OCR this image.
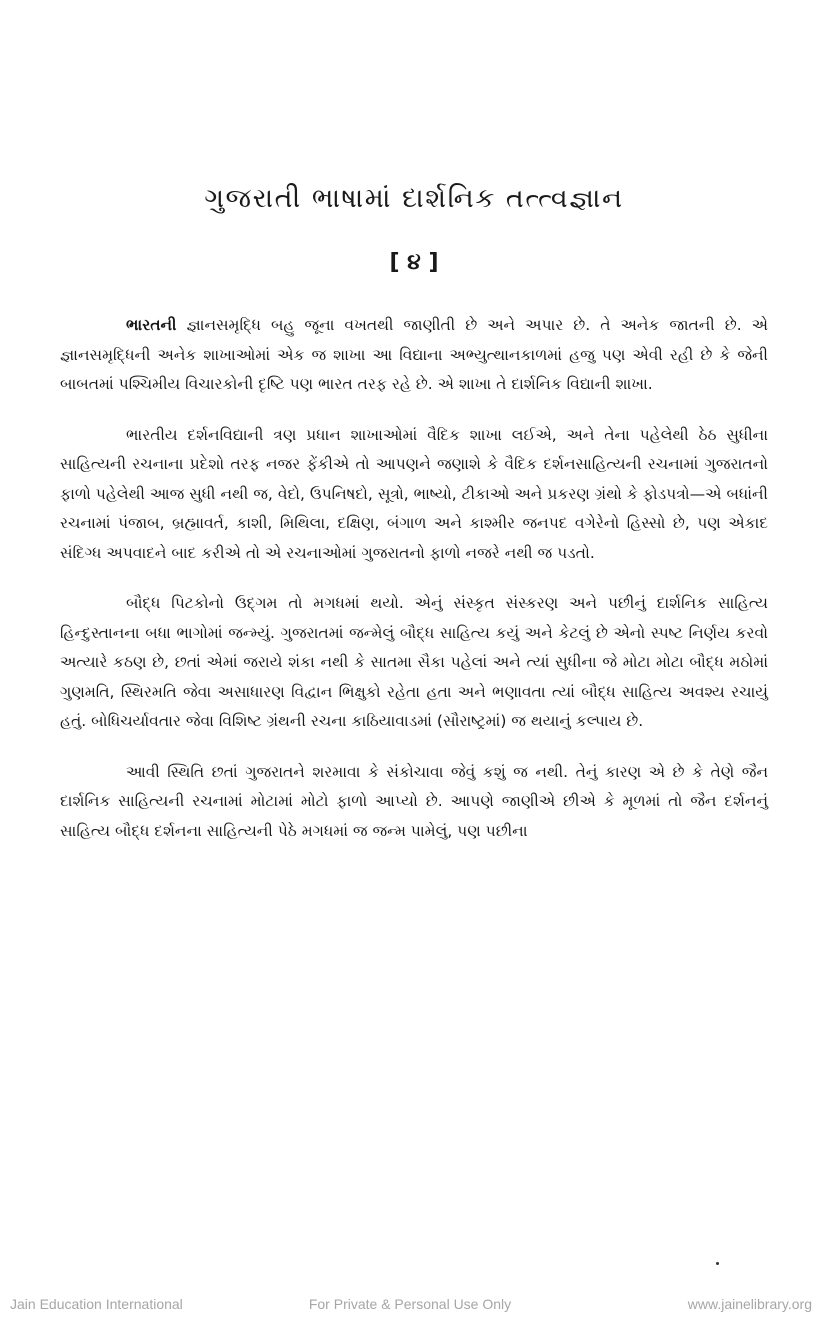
ગુજરાતી ભાષામાં દાર્શનિક તત્ત્વજ્ઞાન
[ ૪ ]

ભારતની જ્ઞાનસમૃદ્ધિ બહુ જૂના વખતથી જાણીતી છે અને અપાર છે. તે અનેક જાતની છે. એ જ્ઞાનસમૃદ્ધિની અનેક શાખાઓમાં એક જ શાખા આ વિદ્યાના અભ્યુત્થાનકાળમાં હજુ પણ એવી રહી છે કે જેની બાબતમાં પશ્ચિમીય વિચારકોની દૃષ્ટિ પણ ભારત તરફ રહે છે. એ શાખા તે દાર્શનિક વિદ્યાની શાખા.

ભારતીય દર્શનવિદ્યાની ત્રણ પ્રધાન શાખાઓમાં વૈદિક શાખા લઈએ, અને તેના પહેલેથી ઠેઠ સુધીના સાહિત્યની રચનાના પ્રદેશો તરફ નજર ફેંકીએ તો આપણને જણાશે કે વૈદિક દર્શનસાહિત્યની રચનામાં ગુજરાતનો ફાળો પહેલેથી આજ સુધી નથી જ, વેદો, ઉપનિષદો, સૂત્રો, ભાષ્યો, ટીકાઓ અને પ્રકરણ ગ્રંથો કે ફોડપત્રો—એ બધાંની રચનામાં પંજાબ, બ્રહ્માવર્ત, કાશી, મિથિલા, દક્ષિણ, બંગાળ અને કાશ્મીર જનપદ વગેરેનો હિસ્સો છે, પણ એકાદ સંદિગ્ધ અપવાદને બાદ કરીએ તો એ રચનાઓમાં ગુજરાતનો ફાળો નજરે નથી જ પડતો.

બૌદ્ધ પિટકોનો ઉદ્ગમ તો મગધમાં થયો. એનું સંસ્કૃત સંસ્કરણ અને પછીનું દાર્શનિક સાહિત્ય હિન્દુસ્તાનના બધા ભાગોમાં જન્મ્યું. ગુજરાતમાં જન્મેલું બૌદ્ધ સાહિત્ય કયું અને કેટલું છે એનો સ્પષ્ટ નિર્ણય કરવો અત્યારે કઠણ છે, છતાં એમાં જરાયે શંકા નથી કે સાતમા સૈકા પહેલાં અને ત્યાં સુધીના જે મોટા મોટા બૌદ્ધ મઠોમાં ગુણમતિ, સ્થિરમતિ જેવા અસાધારણ વિદ્વાન ભિક્ષુકો રહેતા હતા અને ભણાવતા ત્યાં બૌદ્ધ સાહિત્ય અવશ્ય રચાયું હતું. બોધિચર્યાવતાર જેવા વિશિષ્ટ ગ્રંથની રચના કાઠિયાવાડમાં (સૌરાષ્ટ્રમાં) જ થયાનું કલ્પાય છે.

આવી સ્થિતિ છતાં ગુજરાતને શરમાવા કે સંકોચાવા જેવું કશું જ નથી. તેનું કારણ એ છે કે તેણે જૈન દાર્શનિક સાહિત્યની રચનામાં મોટામાં મોટો ફાળો આપ્યો છે. આપણે જાણીએ છીએ કે મૂળમાં તો જૈન દર્શનનું સાહિત્ય બૌદ્ધ દર્શનના સાહિત્યની પેઠે મગધમાં જ જન્મ પામેલું, પણ પછીના

Jain Education International	For Private & Personal Use Only	www.jainelibrary.org
